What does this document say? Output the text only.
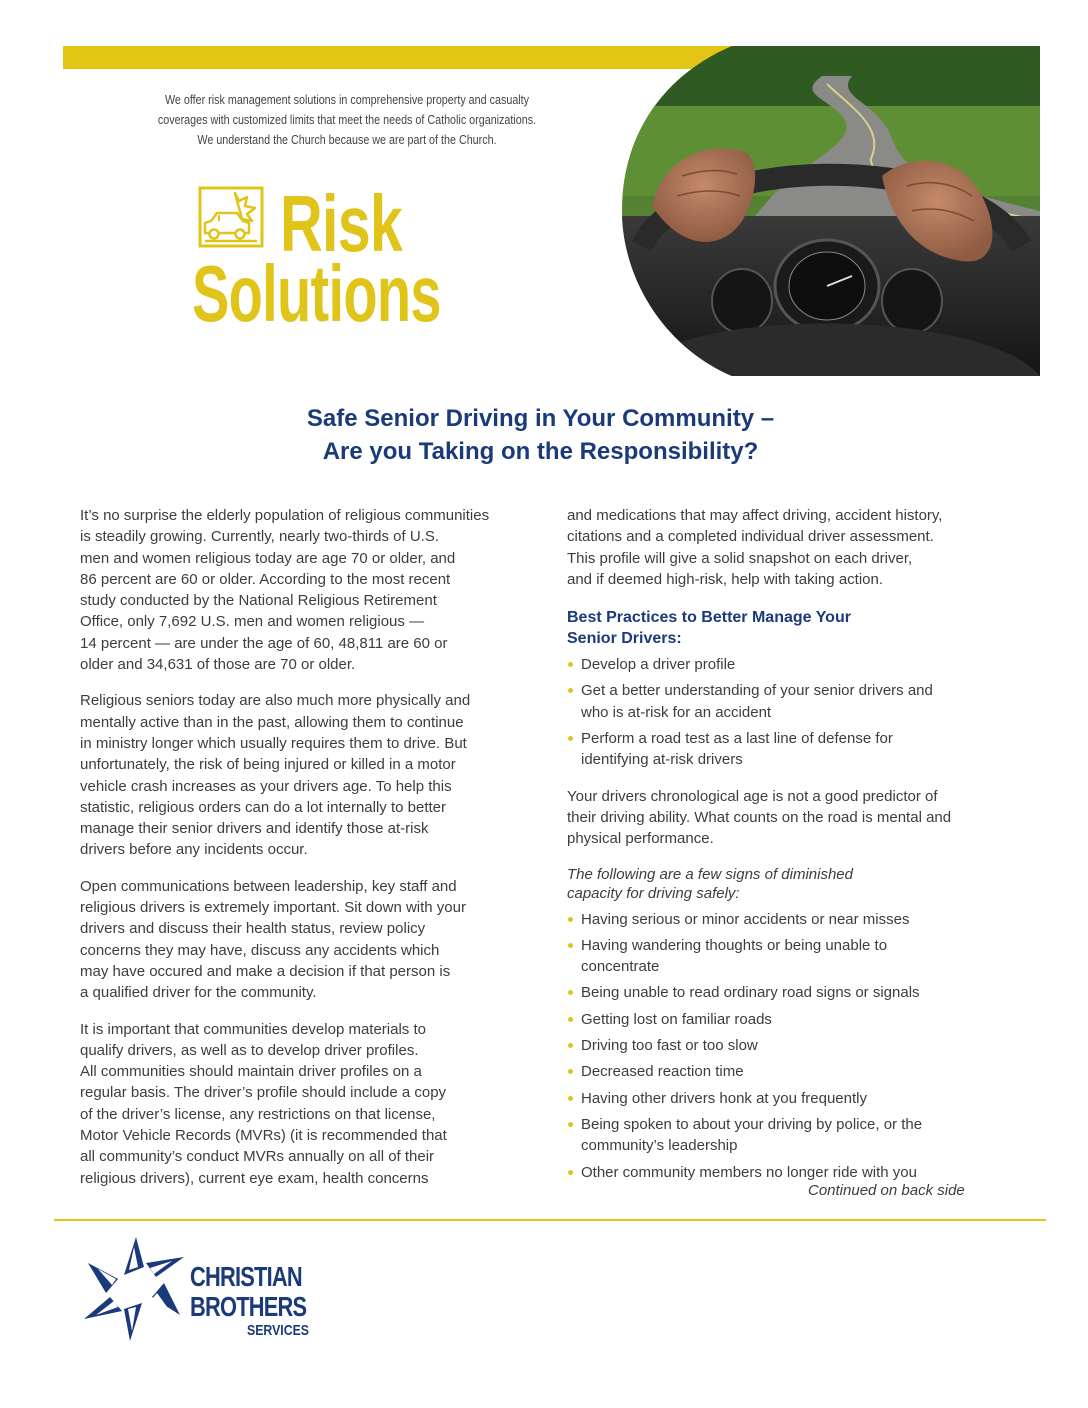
We offer risk management solutions in comprehensive property and casualty
coverages with customized limits that meet the needs of Catholic organizations.
We understand the Church because we are part of the Church.
Risk
Solutions
Safe Senior Driving in Your Community –
Are you Taking on the Responsibility?

It’s no surprise the elderly population of religious communities
is steadily growing. Currently, nearly two-thirds of U.S.
men and women religious today are age 70 or older, and
86 percent are 60 or older. According to the most recent
study conducted by the National Religious Retirement
Office, only 7,692 U.S. men and women religious —
14 percent — are under the age of 60, 48,811 are 60 or
older and 34,631 of those are 70 or older.

Religious seniors today are also much more physically and
mentally active than in the past, allowing them to continue
in ministry longer which usually requires them to drive. But
unfortunately, the risk of being injured or killed in a motor
vehicle crash increases as your drivers age. To help this
statistic, religious orders can do a lot internally to better
manage their senior drivers and identify those at-risk
drivers before any incidents occur.

Open communications between leadership, key staff and
religious drivers is extremely important. Sit down with your
drivers and discuss their health status, review policy
concerns they may have, discuss any accidents which
may have occured and make a decision if that person is
a qualified driver for the community.

It is important that communities develop materials to
qualify drivers, as well as to develop driver profiles.
All communities should maintain driver profiles on a
regular basis. The driver’s profile should include a copy
of the driver’s license, any restrictions on that license,
Motor Vehicle Records (MVRs) (it is recommended that
all community’s conduct MVRs annually on all of their
religious drivers), current eye exam, health concerns

and medications that may affect driving, accident history,
citations and a completed individual driver assessment.
This profile will give a solid snapshot on each driver,
and if deemed high-risk, help with taking action.

Best Practices to Better Manage Your
Senior Drivers:
Develop a driver profile
Get a better understanding of your senior drivers and
who is at-risk for an accident
Perform a road test as a last line of defense for
identifying at-risk drivers

Your drivers chronological age is not a good predictor of
their driving ability. What counts on the road is mental and
physical performance.

The following are a few signs of diminished
capacity for driving safely:
Having serious or minor accidents or near misses
Having wandering thoughts or being unable to
concentrate
Being unable to read ordinary road signs or signals
Getting lost on familiar roads
Driving too fast or too slow
Decreased reaction time
Having other drivers honk at you frequently
Being spoken to about your driving by police, or the
community’s leadership
Other community members no longer ride with you
Continued on back side
CHRISTIAN
BROTHERS
SERVICES
